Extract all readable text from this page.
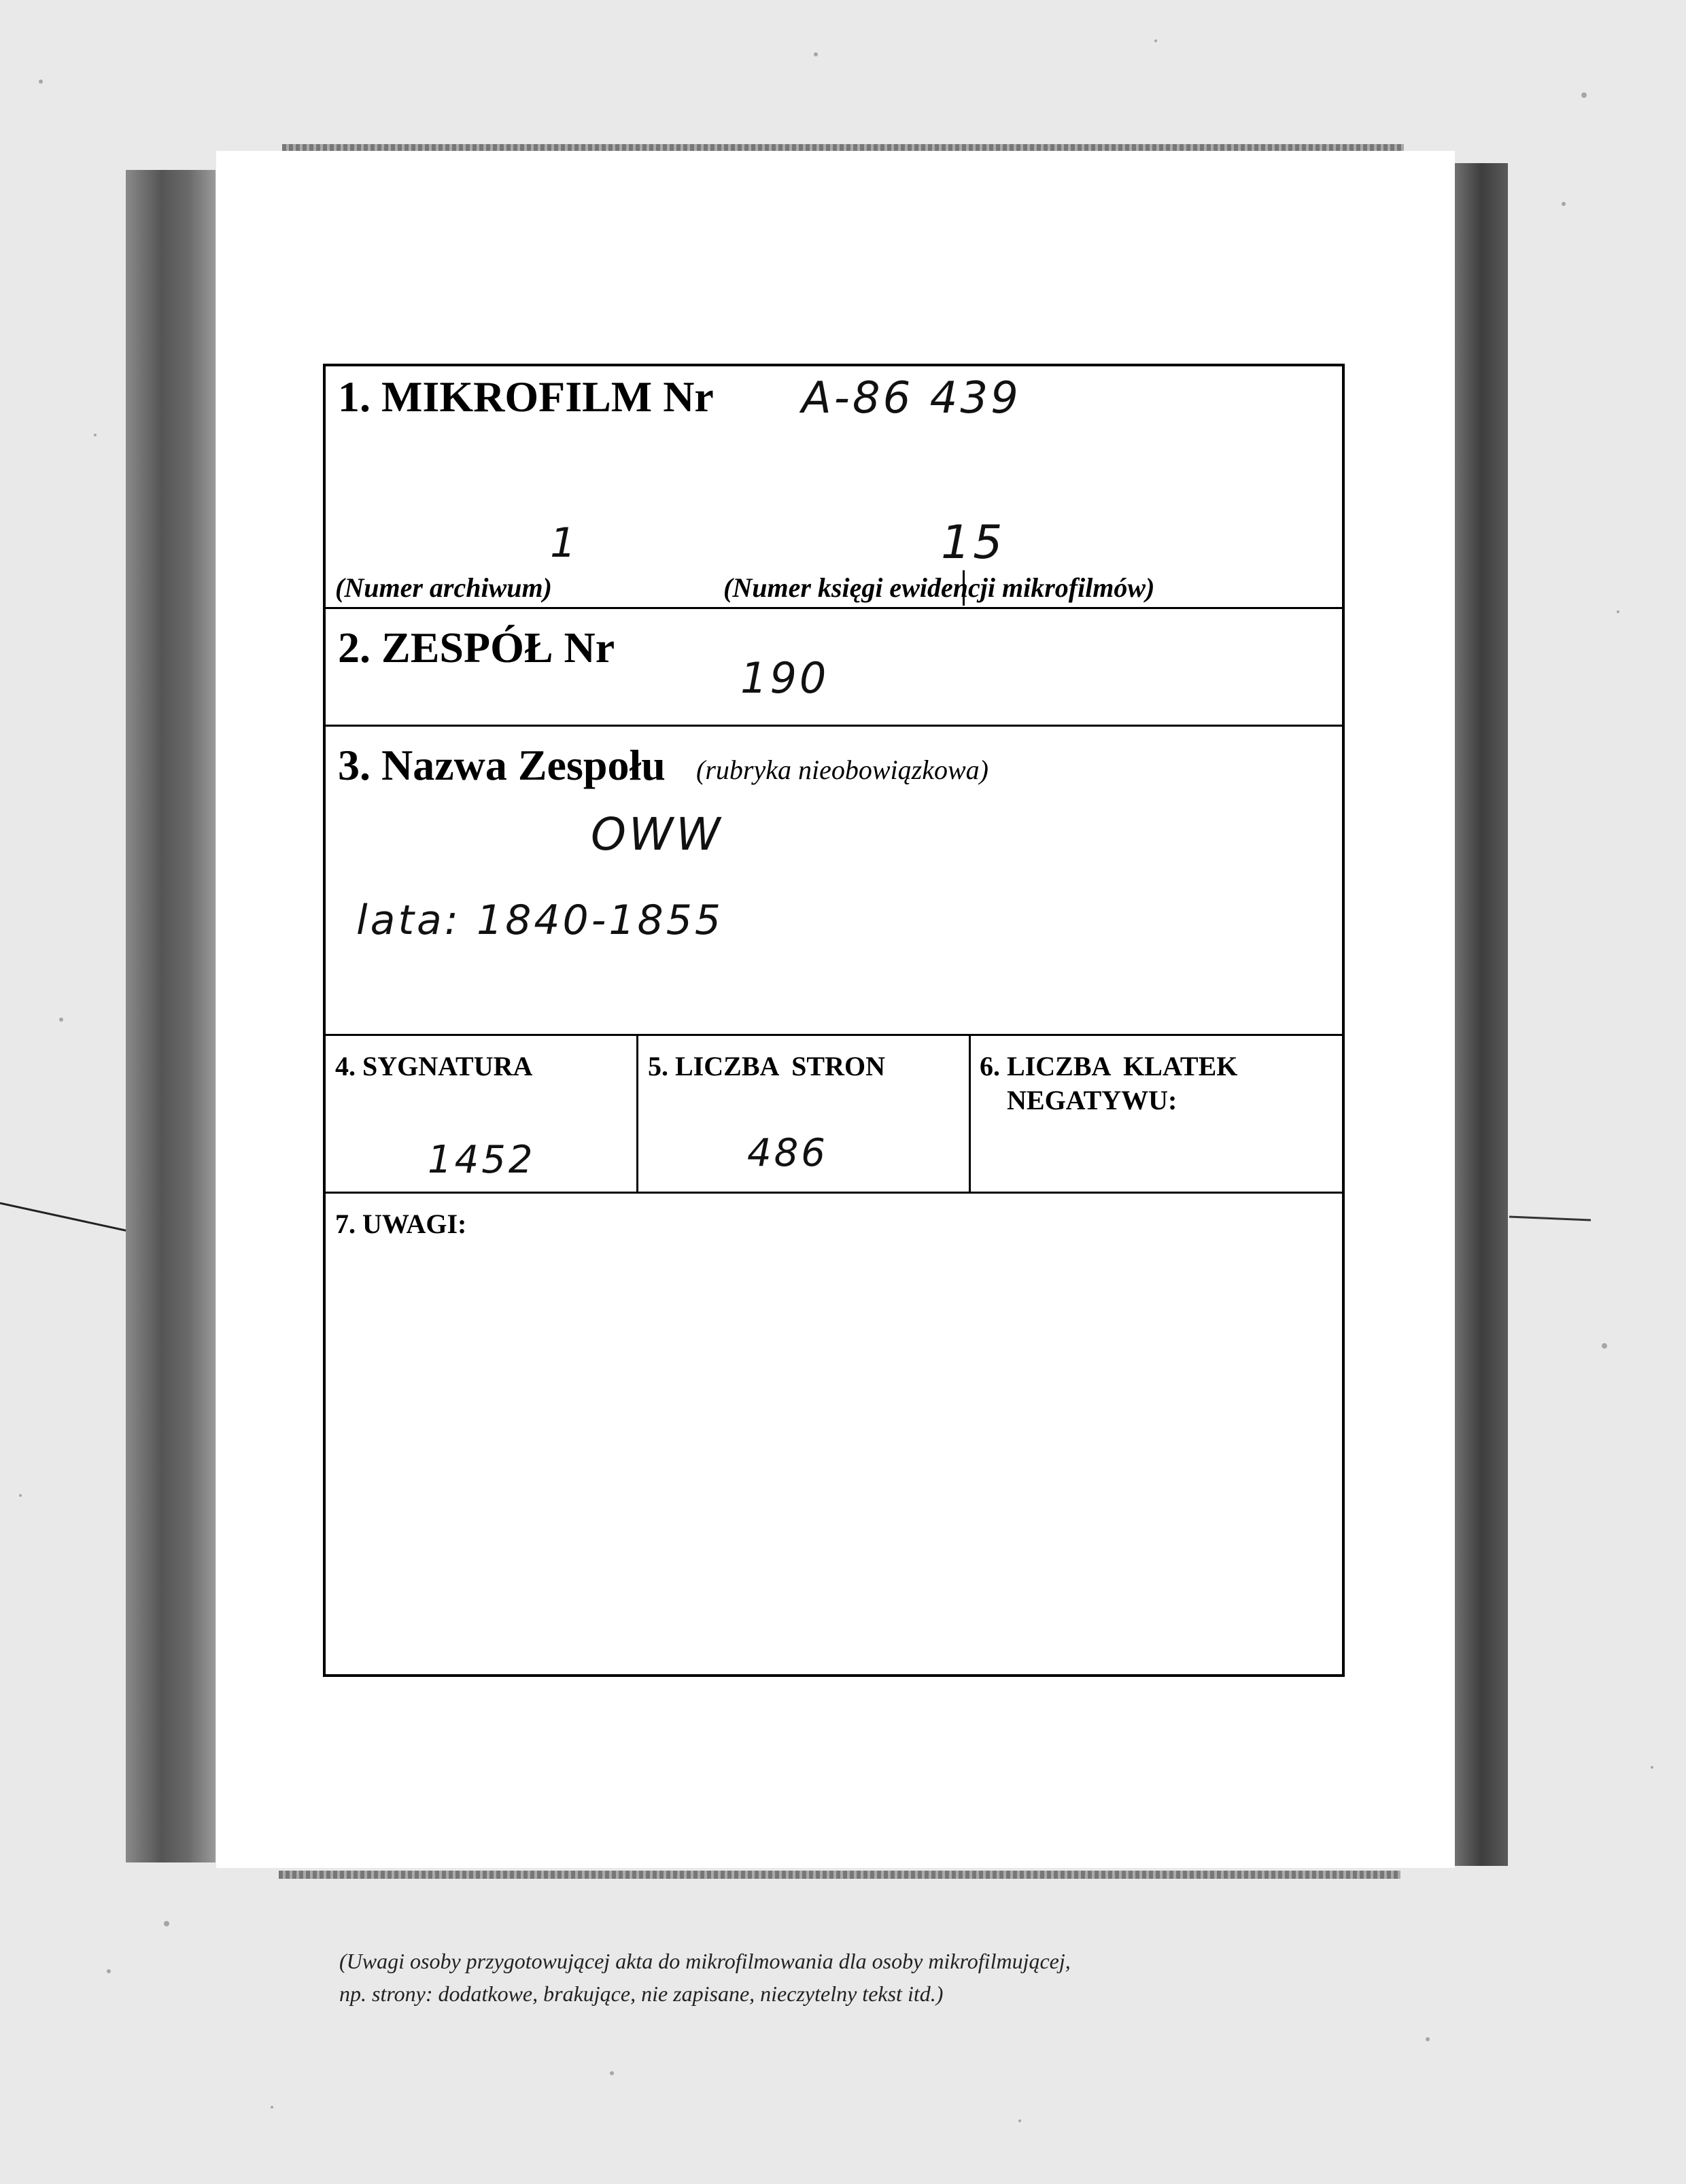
1. MIKROFILM Nr A-86 439
1	15
(Numer archiwum)	(Numer księgi ewidencji mikrofilmów)
2. ZESPÓŁ Nr
190
3. Nazwa Zespołu (rubryka nieobowiązkowa)
OWW
lata: 1840-1855
4. SYGNATURA
1452
5. LICZBA  STRON
486
6. LICZBA  KLATEK
NEGATYWU:
7. UWAGI:
(Uwagi osoby przygotowującej akta do mikrofilmowania dla osoby mikrofilmującej,
np. strony: dodatkowe, brakujące, nie zapisane, nieczytelny tekst itd.)
